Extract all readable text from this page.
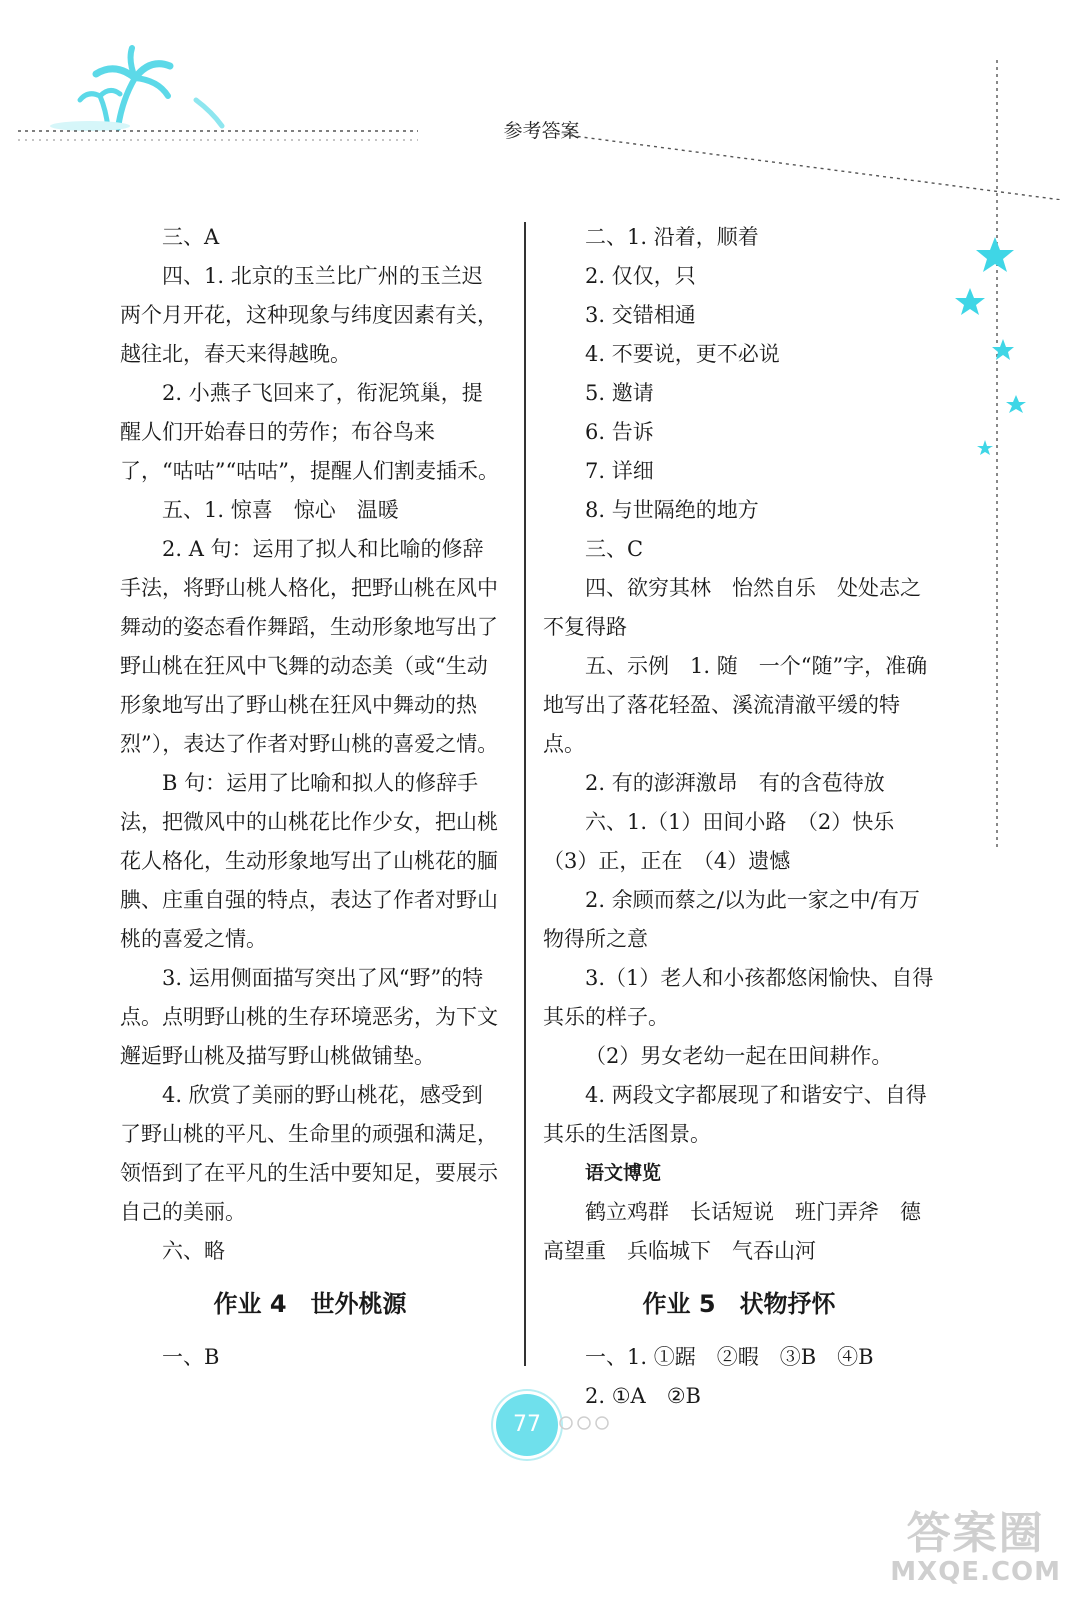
参考答案

三、A

四、1. 北京的玉兰比广州的玉兰迟两个月开花，这种现象与纬度因素有关，越往北，春天来得越晚。

2. 小燕子飞回来了，衔泥筑巢，提醒人们开始春日的劳作；布谷鸟来了，“咕咕”“咕咕”，提醒人们割麦插禾。

五、1. 惊喜　惊心　温暖

2. A 句：运用了拟人和比喻的修辞手法，将野山桃人格化，把野山桃在风中舞动的姿态看作舞蹈，生动形象地写出了野山桃在狂风中飞舞的动态美（或“生动形象地写出了野山桃在狂风中舞动的热烈”），表达了作者对野山桃的喜爱之情。

B 句：运用了比喻和拟人的修辞手法，把微风中的山桃花比作少女，把山桃花人格化，生动形象地写出了山桃花的腼腆、庄重自强的特点，表达了作者对野山桃的喜爱之情。

3. 运用侧面描写突出了风“野”的特点。点明野山桃的生存环境恶劣，为下文邂逅野山桃及描写野山桃做铺垫。

4. 欣赏了美丽的野山桃花，感受到了野山桃的平凡、生命里的顽强和满足，领悟到了在平凡的生活中要知足，要展示自己的美丽。

六、略

作业 4　世外桃源

一、B

二、1. 沿着，顺着

2. 仅仅，只

3. 交错相通

4. 不要说，更不必说

5. 邀请

6. 告诉

7. 详细

8. 与世隔绝的地方

三、C

四、欲穷其林　怡然自乐　处处志之　不复得路

五、示例　1. 随　一个“随”字，准确地写出了落花轻盈、溪流清澈平缓的特点。

2. 有的澎湃激昂　有的含苞待放

六、1.（1）田间小路　（2）快乐　（3）正，正在　（4）遗憾

2. 余顾而蔡之/以为此一家之中/有万物得所之意

3.（1）老人和小孩都悠闲愉快、自得其乐的样子。

（2）男女老幼一起在田间耕作。

4. 两段文字都展现了和谐安宁、自得其乐的生活图景。

语文博览

鹤立鸡群　长话短说　班门弄斧　德高望重　兵临城下　气吞山河

作业 5　状物抒怀

一、1. ①踞　②暇　③B　④B

2. ①A　②B

77
答案圈
MXQE.COM
